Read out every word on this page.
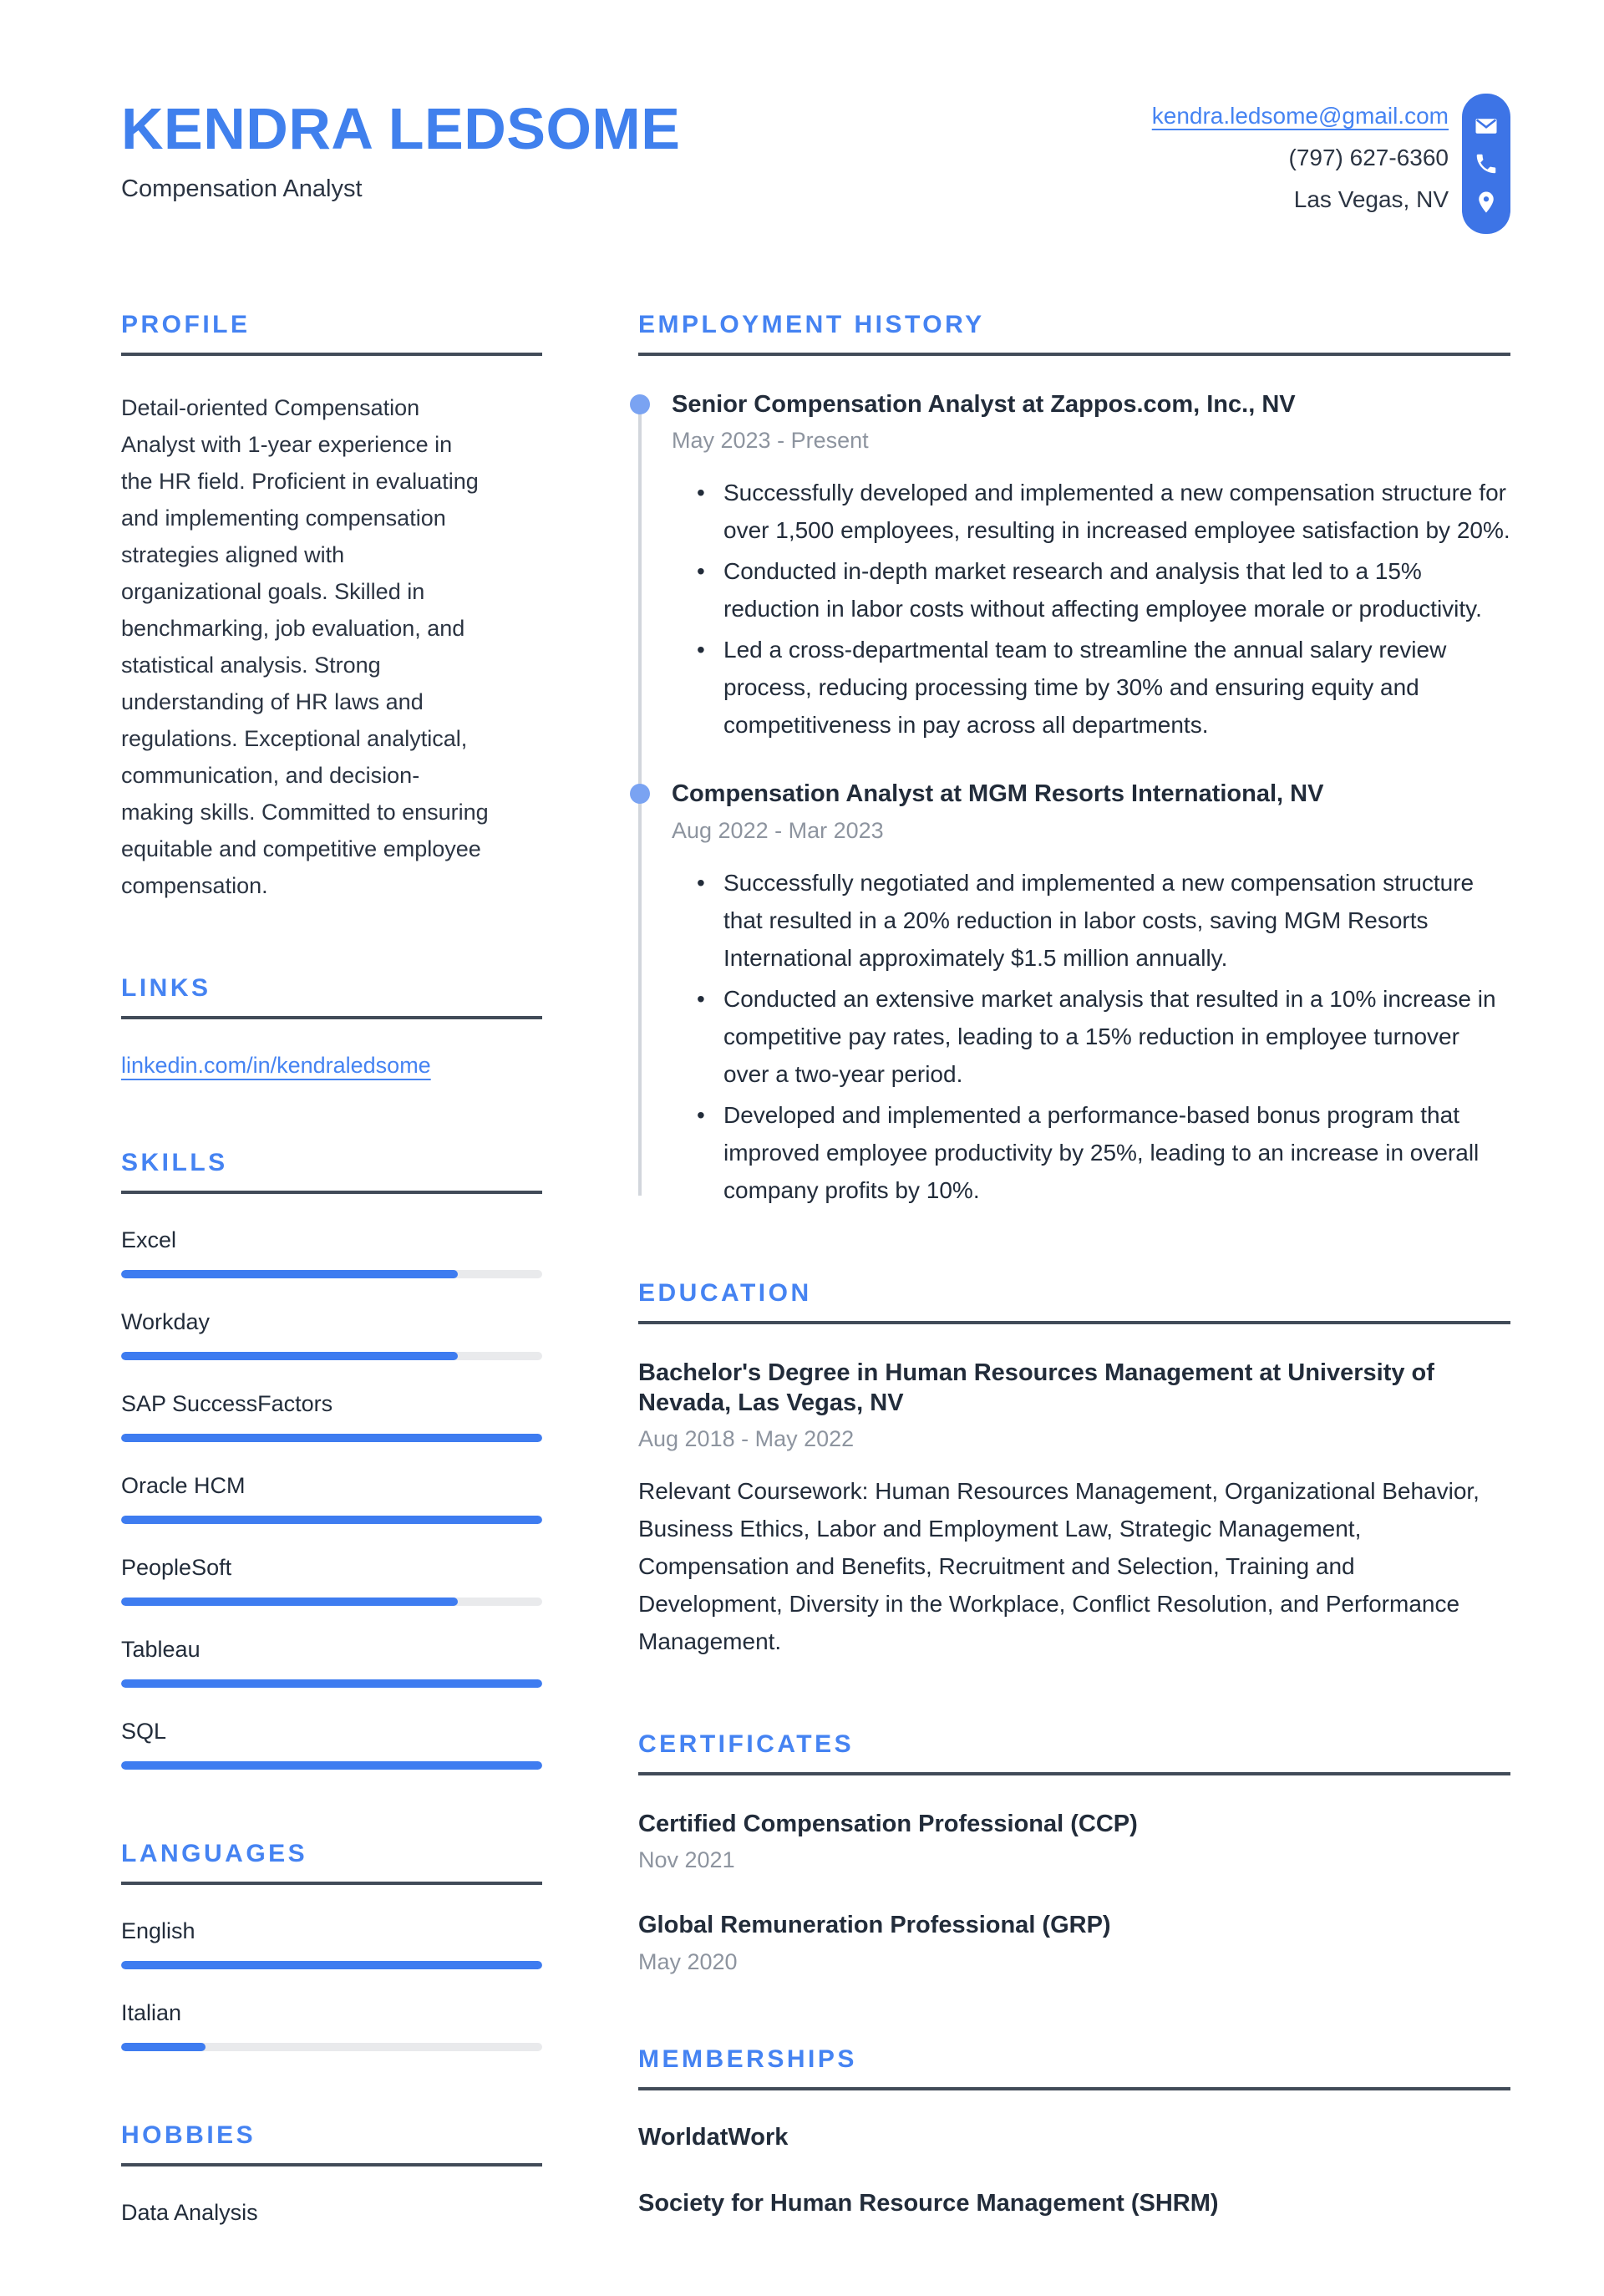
KENDRA LEDSOME
Compensation Analyst
kendra.ledsome@gmail.com
(797) 627-6360
Las Vegas, NV
PROFILE

Detail-oriented Compensation Analyst with 1-year experience in the HR field. Proficient in evaluating and implementing compensation strategies aligned with organizational goals. Skilled in benchmarking, job evaluation, and statistical analysis. Strong understanding of HR laws and regulations. Exceptional analytical, communication, and decision-making skills. Committed to ensuring equitable and competitive employee compensation.

LINKS
linkedin.com/in/kendraledsome
SKILLS
Excel
Workday
SAP SuccessFactors
Oracle HCM
PeopleSoft
Tableau
SQL
LANGUAGES
English
Italian
HOBBIES
Data Analysis
EMPLOYMENT HISTORY
Senior Compensation Analyst at Zappos.com, Inc., NV
May 2023 - Present
• Successfully developed and implemented a new compensation structure for over 1,500 employees, resulting in increased employee satisfaction by 20%.
• Conducted in-depth market research and analysis that led to a 15% reduction in labor costs without affecting employee morale or productivity.
• Led a cross-departmental team to streamline the annual salary review process, reducing processing time by 30% and ensuring equity and competitiveness in pay across all departments.
Compensation Analyst at MGM Resorts International, NV
Aug 2022 - Mar 2023
• Successfully negotiated and implemented a new compensation structure that resulted in a 20% reduction in labor costs, saving MGM Resorts International approximately $1.5 million annually.
• Conducted an extensive market analysis that resulted in a 10% increase in competitive pay rates, leading to a 15% reduction in employee turnover over a two-year period.
• Developed and implemented a performance-based bonus program that improved employee productivity by 25%, leading to an increase in overall company profits by 10%.
EDUCATION
Bachelor's Degree in Human Resources Management at University of Nevada, Las Vegas, NV
Aug 2018 - May 2022

Relevant Coursework: Human Resources Management, Organizational Behavior, Business Ethics, Labor and Employment Law, Strategic Management, Compensation and Benefits, Recruitment and Selection, Training and Development, Diversity in the Workplace, Conflict Resolution, and Performance Management.

CERTIFICATES
Certified Compensation Professional (CCP)
Nov 2021
Global Remuneration Professional (GRP)
May 2020
MEMBERSHIPS
WorldatWork
Society for Human Resource Management (SHRM)
